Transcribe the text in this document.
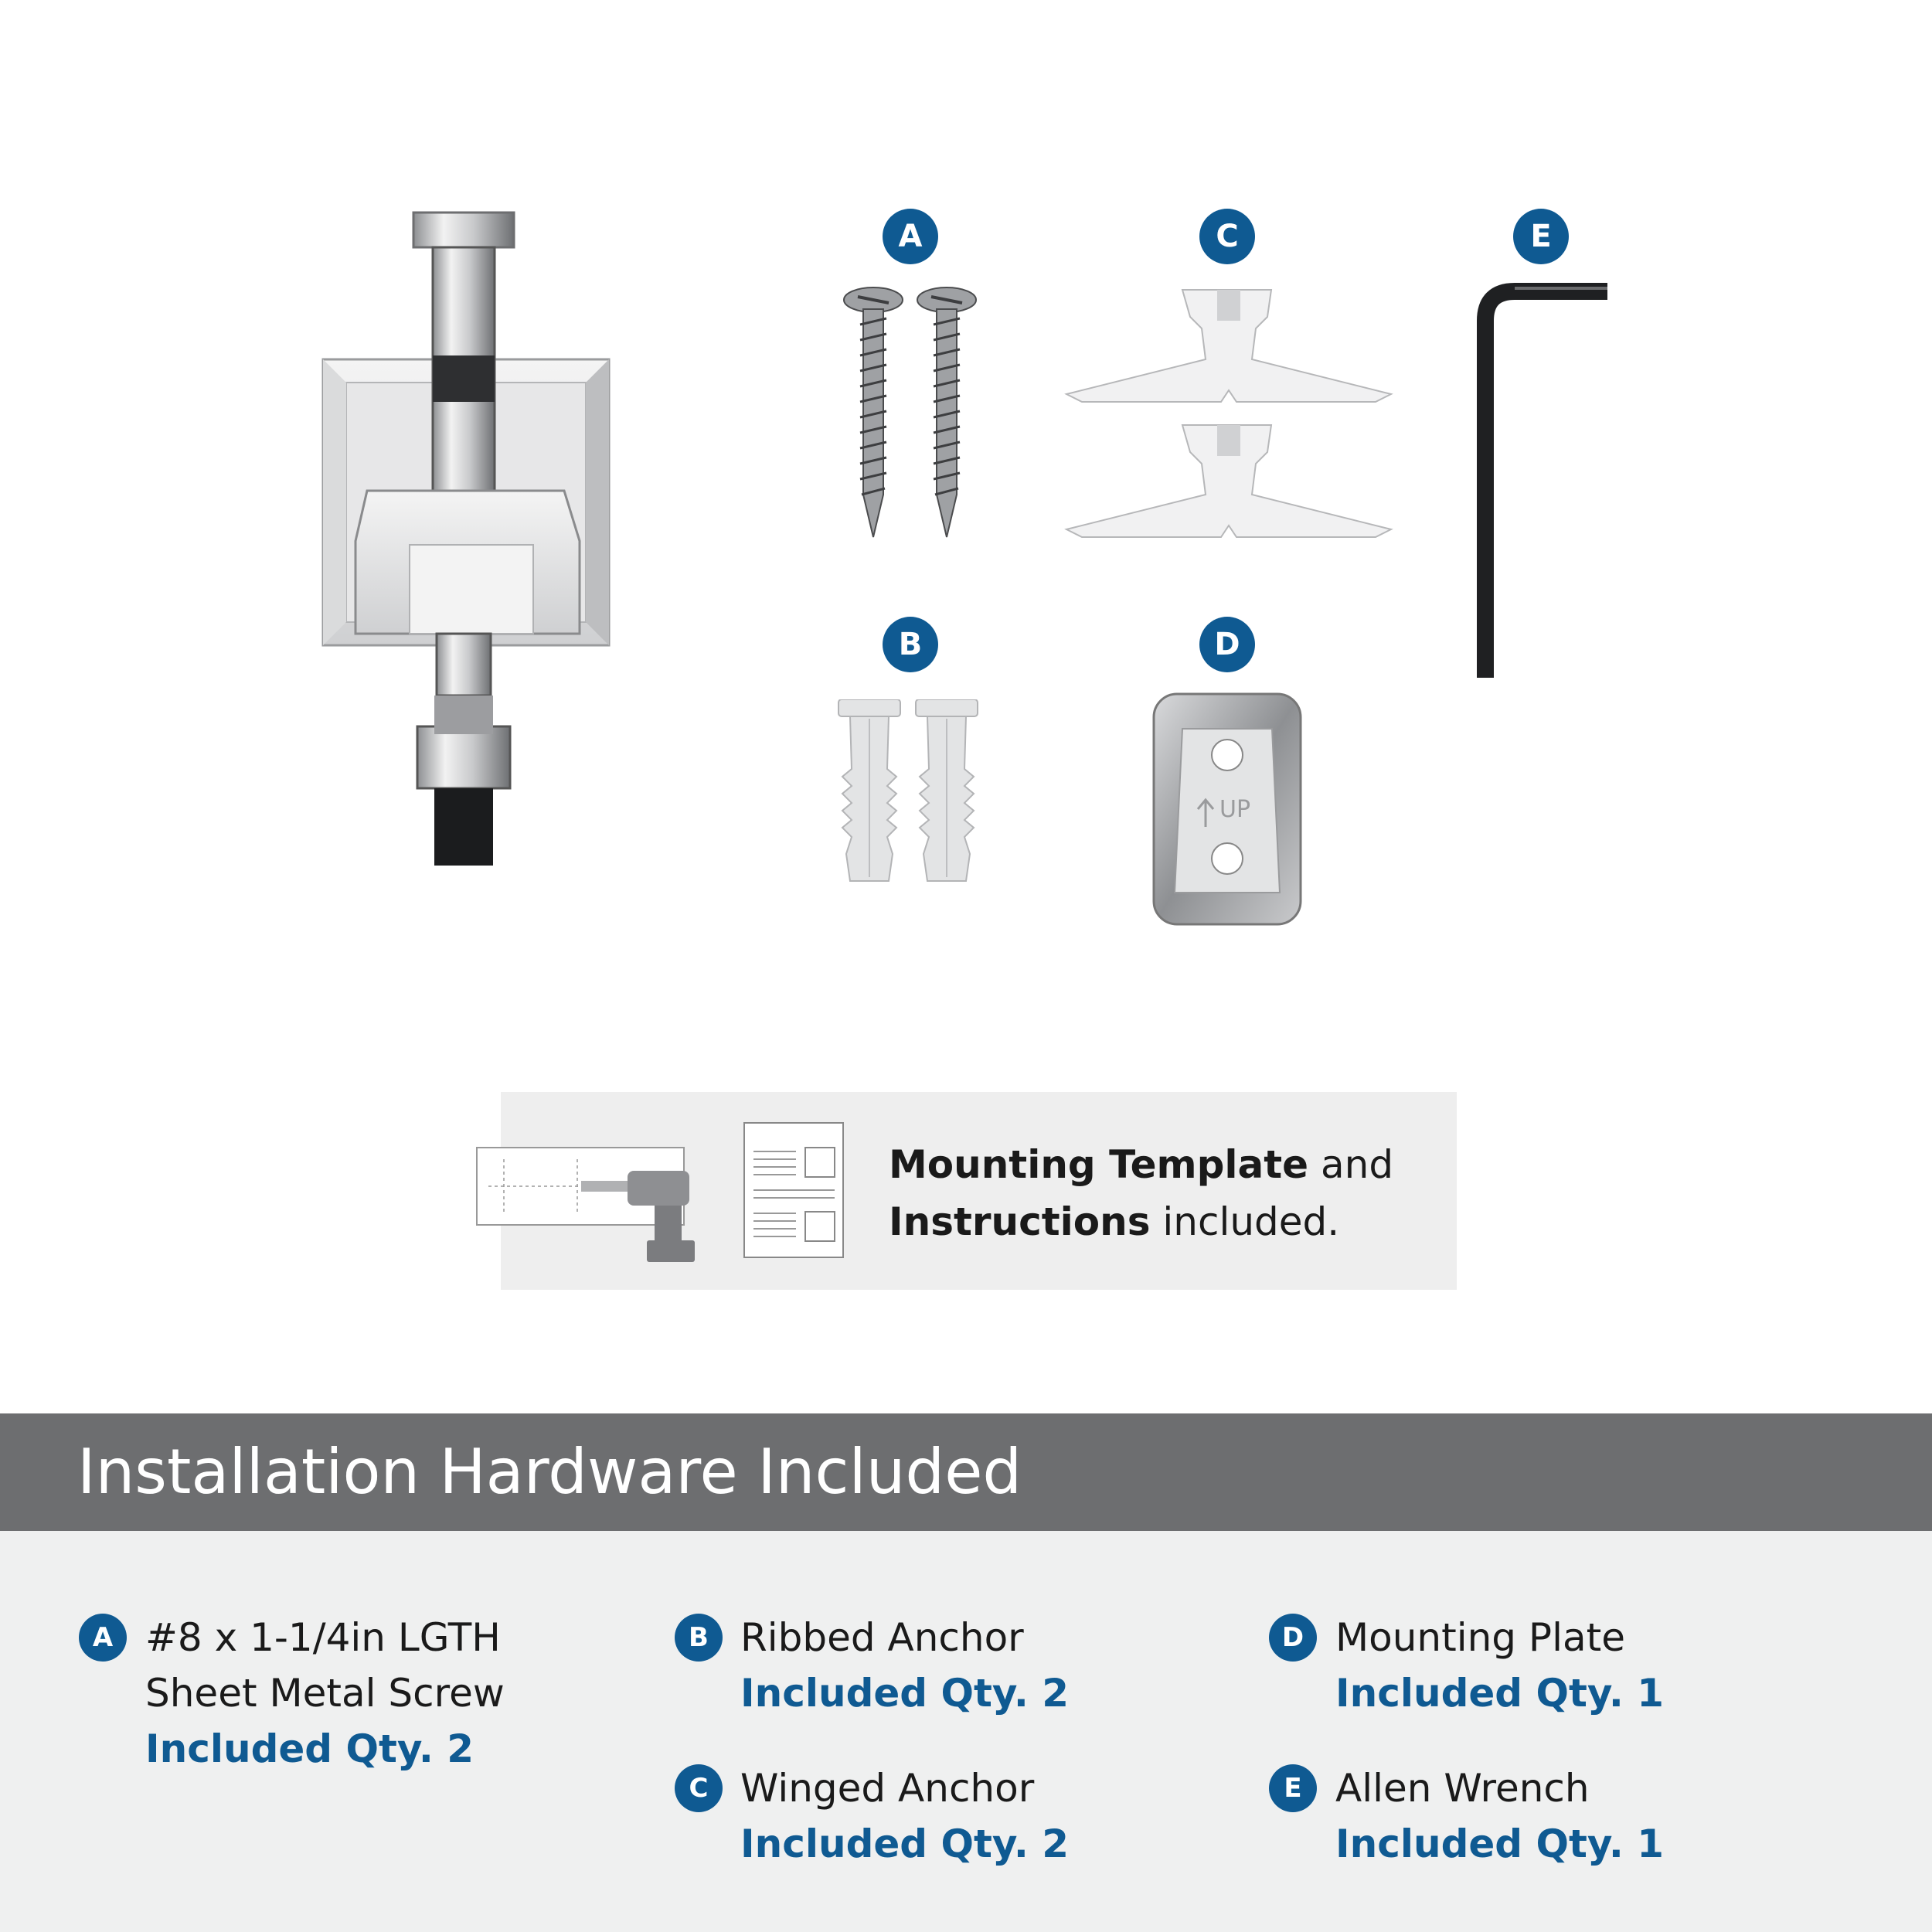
A
B
C
D
UP
E
Mounting Template and
Instructions included.
Installation Hardware Included
A #8 x 1-1/4in LGTH
Sheet Metal Screw
Included Qty. 2
B Ribbed Anchor
Included Qty. 2
C Winged Anchor
Included Qty. 2
D Mounting Plate
Included Qty. 1
E Allen Wrench
Included Qty. 1
